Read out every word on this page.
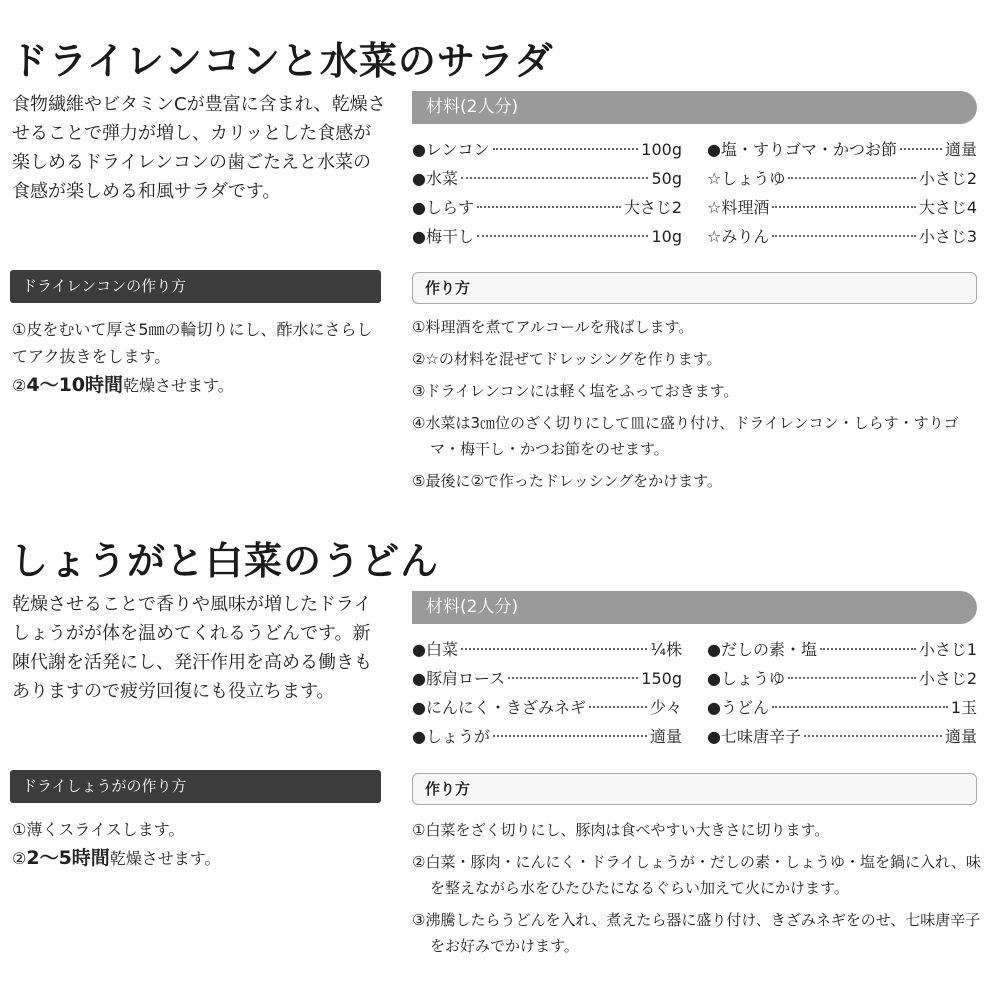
ドライレンコンと水菜のサラダ

食物繊維やビタミンCが豊富に含まれ、乾燥させることで弾力が増し、カリッとした食感が楽しめるドライレンコンの歯ごたえと水菜の食感が楽しめる和風サラダです。

ドライレンコンの作り方
①皮をむいて厚さ5㎜の輪切りにし、酢水にさらしてアク抜きをします。
②4〜10時間乾燥させます。
材料(2人分)
●レンコン	100g ●塩・すりゴマ・かつお節	適量
●水菜	50g ☆しょうゆ	小さじ2
●しらす	大さじ2 ☆料理酒	大さじ4
●梅干し	10g ☆みりん	小さじ3
作り方
①料理酒を煮てアルコールを飛ばします。
②☆の材料を混ぜてドレッシングを作ります。
③ドライレンコンには軽く塩をふっておきます。
④水菜は3㎝位のざく切りにして皿に盛り付け、ドライレンコン・しらす・すりゴマ・梅干し・かつお節をのせます。
⑤最後に②で作ったドレッシングをかけます。
しょうがと白菜のうどん

乾燥させることで香りや風味が増したドライしょうがが体を温めてくれるうどんです。新陳代謝を活発にし、発汗作用を高める働きもありますので疲労回復にも役立ちます。

ドライしょうがの作り方
①薄くスライスします。
②2〜5時間乾燥させます。
材料(2人分)
●白菜	¼株 ●だしの素・塩	小さじ1
●豚肩ロース	150g ●しょうゆ	小さじ2
●にんにく・きざみネギ	少々 ●うどん	1玉
●しょうが	適量 ●七味唐辛子	適量
作り方
①白菜をざく切りにし、豚肉は食べやすい大きさに切ります。
②白菜・豚肉・にんにく・ドライしょうが・だしの素・しょうゆ・塩を鍋に入れ、味を整えながら水をひたひたになるぐらい加えて火にかけます。
③沸騰したらうどんを入れ、煮えたら器に盛り付け、きざみネギをのせ、七味唐辛子をお好みでかけます。
